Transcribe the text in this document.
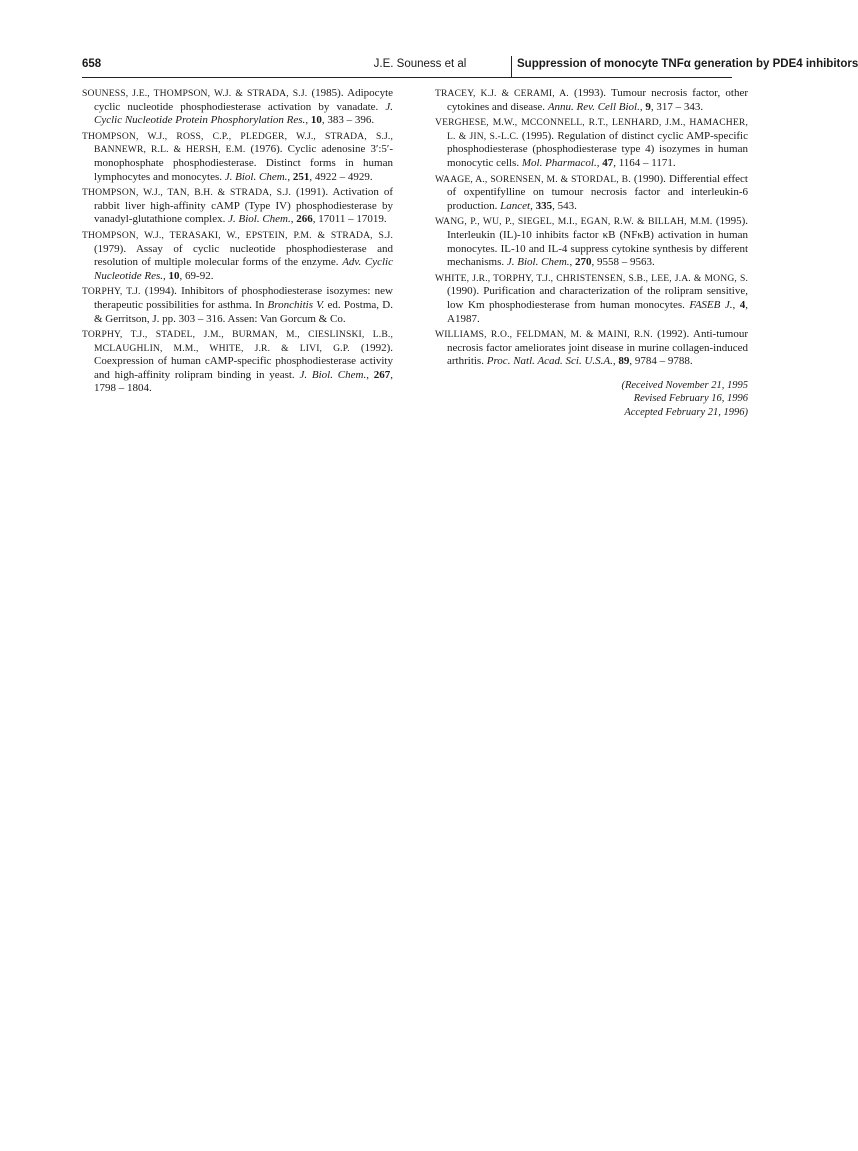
658	J.E. Souness et al	Suppression of monocyte TNFα generation by PDE4 inhibitors

SOUNESS, J.E., THOMPSON, W.J. & STRADA, S.J. (1985). Adipocyte cyclic nucleotide phosphodiesterase activation by vanadate. J. Cyclic Nucleotide Protein Phosphorylation Res., 10, 383 – 396.

THOMPSON, W.J., ROSS, C.P., PLEDGER, W.J., STRADA, S.J., BANNEWR, R.L. & HERSH, E.M. (1976). Cyclic adenosine 3′:5′-monophosphate phosphodiesterase. Distinct forms in human lymphocytes and monocytes. J. Biol. Chem., 251, 4922 – 4929.

THOMPSON, W.J., TAN, B.H. & STRADA, S.J. (1991). Activation of rabbit liver high-affinity cAMP (Type IV) phosphodiesterase by vanadyl-glutathione complex. J. Biol. Chem., 266, 17011 – 17019.

THOMPSON, W.J., TERASAKI, W., EPSTEIN, P.M. & STRADA, S.J. (1979). Assay of cyclic nucleotide phosphodiesterase and resolution of multiple molecular forms of the enzyme. Adv. Cyclic Nucleotide Res., 10, 69-92.

TORPHY, T.J. (1994). Inhibitors of phosphodiesterase isozymes: new therapeutic possibilities for asthma. In Bronchitis V. ed. Postma, D. & Gerritson, J. pp. 303 – 316. Assen: Van Gorcum & Co.

TORPHY, T.J., STADEL, J.M., BURMAN, M., CIESLINSKI, L.B., MCLAUGHLIN, M.M., WHITE, J.R. & LIVI, G.P. (1992). Coexpression of human cAMP-specific phosphodiesterase activity and high-affinity rolipram binding in yeast. J. Biol. Chem., 267, 1798 – 1804.

TRACEY, K.J. & CERAMI, A. (1993). Tumour necrosis factor, other cytokines and disease. Annu. Rev. Cell Biol., 9, 317 – 343.

VERGHESE, M.W., MCCONNELL, R.T., LENHARD, J.M., HAMACHER, L. & JIN, S.-L.C. (1995). Regulation of distinct cyclic AMP-specific phosphodiesterase (phosphodiesterase type 4) isozymes in human monocytic cells. Mol. Pharmacol., 47, 1164 – 1171.

WAAGE, A., SORENSEN, M. & STORDAL, B. (1990). Differential effect of oxpentifylline on tumour necrosis factor and interleukin-6 production. Lancet, 335, 543.

WANG, P., WU, P., SIEGEL, M.I., EGAN, R.W. & BILLAH, M.M. (1995). Interleukin (IL)-10 inhibits factor κB (NFκB) activation in human monocytes. IL-10 and IL-4 suppress cytokine synthesis by different mechanisms. J. Biol. Chem., 270, 9558 – 9563.

WHITE, J.R., TORPHY, T.J., CHRISTENSEN, S.B., LEE, J.A. & MONG, S. (1990). Purification and characterization of the rolipram sensitive, low Km phosphodiesterase from human monocytes. FASEB J., 4, A1987.

WILLIAMS, R.O., FELDMAN, M. & MAINI, R.N. (1992). Anti-tumour necrosis factor ameliorates joint disease in murine collagen-induced arthritis. Proc. Natl. Acad. Sci. U.S.A., 89, 9784 – 9788.

(Received November 21, 1995
Revised February 16, 1996
Accepted February 21, 1996)
